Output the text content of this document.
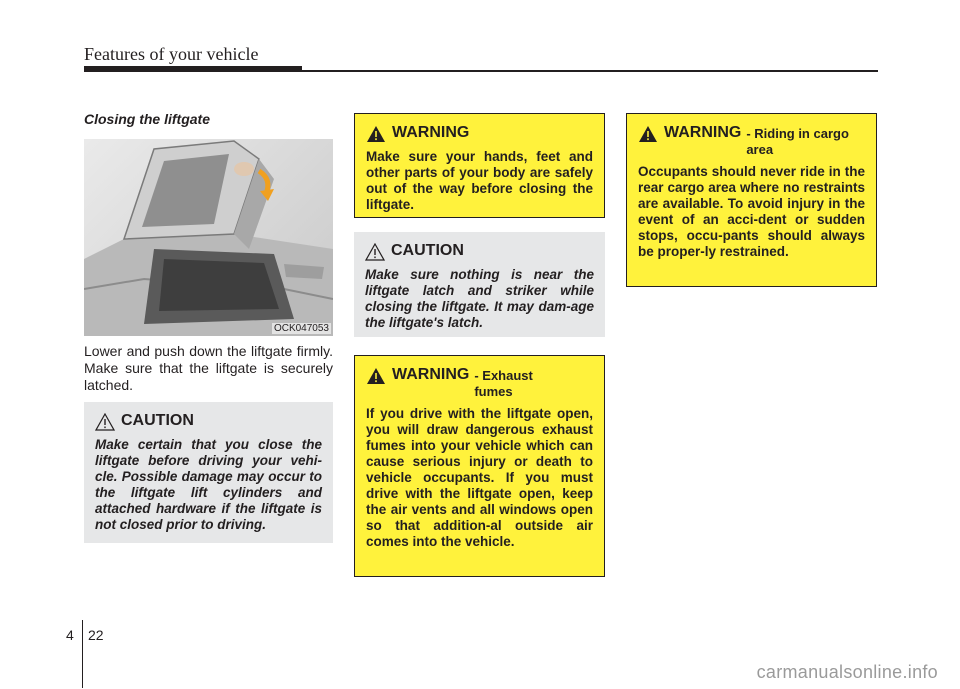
Features of your vehicle
Closing the liftgate
OCK047053
Lower and push down the liftgate firmly. Make sure that the liftgate is securely latched.
CAUTION
Make certain that you close the liftgate before driving your vehi-cle. Possible damage may occur to the liftgate lift cylinders and attached hardware if the liftgate is not closed prior to driving.
WARNING
Make sure your hands, feet and other parts of your body are safely out of the way before closing the liftgate.
CAUTION
Make sure nothing is near the liftgate latch and striker while closing the liftgate. It may dam-age the liftgate's latch.
WARNING - Exhaust fumes
If you drive with the liftgate open, you will draw dangerous exhaust fumes into your vehicle which can cause serious injury or death to vehicle occupants. If you must drive with the liftgate open, keep the air vents and all windows open so that addition-al outside air comes into the vehicle.
WARNING - Riding in cargo area
Occupants should never ride in the rear cargo area where no restraints are available. To avoid injury in the event of an acci-dent or sudden stops, occu-pants should always be proper-ly restrained.
4 22
carmanualsonline.info
